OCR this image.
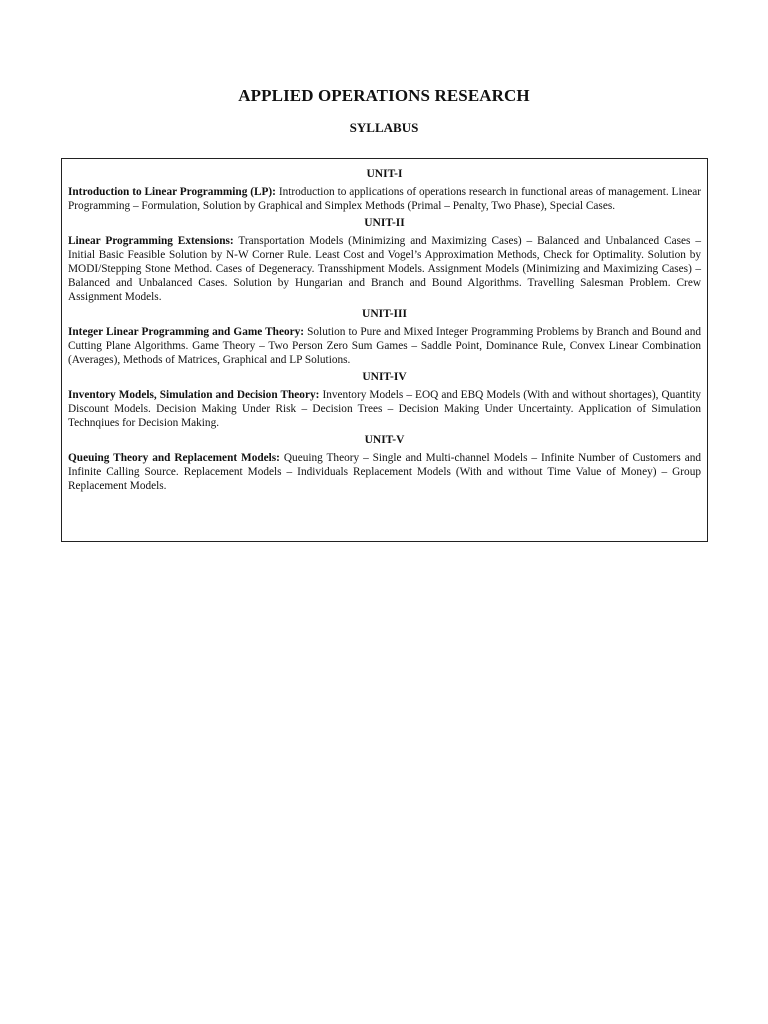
APPLIED OPERATIONS RESEARCH
SYLLABUS
UNIT-I
Introduction to Linear Programming (LP): Introduction to applications of operations research in functional areas of management. Linear Programming – Formulation, Solution by Graphical and Simplex Methods (Primal – Penalty, Two Phase), Special Cases.
UNIT-II
Linear Programming Extensions: Transportation Models (Minimizing and Maximizing Cases) – Balanced and Unbalanced Cases – Initial Basic Feasible Solution by N-W Corner Rule. Least Cost and Vogel’s Approximation Methods, Check for Optimality. Solution by MODI/Stepping Stone Method. Cases of Degeneracy. Transshipment Models. Assignment Models (Minimizing and Maximizing Cases) – Balanced and Unbalanced Cases. Solution by Hungarian and Branch and Bound Algorithms. Travelling Salesman Problem. Crew Assignment Models.
UNIT-III
Integer Linear Programming and Game Theory: Solution to Pure and Mixed Integer Programming Problems by Branch and Bound and Cutting Plane Algorithms. Game Theory – Two Person Zero Sum Games – Saddle Point, Dominance Rule, Convex Linear Combination (Averages), Methods of Matrices, Graphical and LP Solutions.
UNIT-IV
Inventory Models, Simulation and Decision Theory: Inventory Models – EOQ and EBQ Models (With and without shortages), Quantity Discount Models. Decision Making Under Risk – Decision Trees – Decision Making Under Uncertainty. Application of Simulation Technqiues for Decision Making.
UNIT-V
Queuing Theory and Replacement Models: Queuing Theory – Single and Multi-channel Models – Infinite Number of Customers and Infinite Calling Source. Replacement Models – Individuals Replacement Models (With and without Time Value of Money) – Group Replacement Models.
